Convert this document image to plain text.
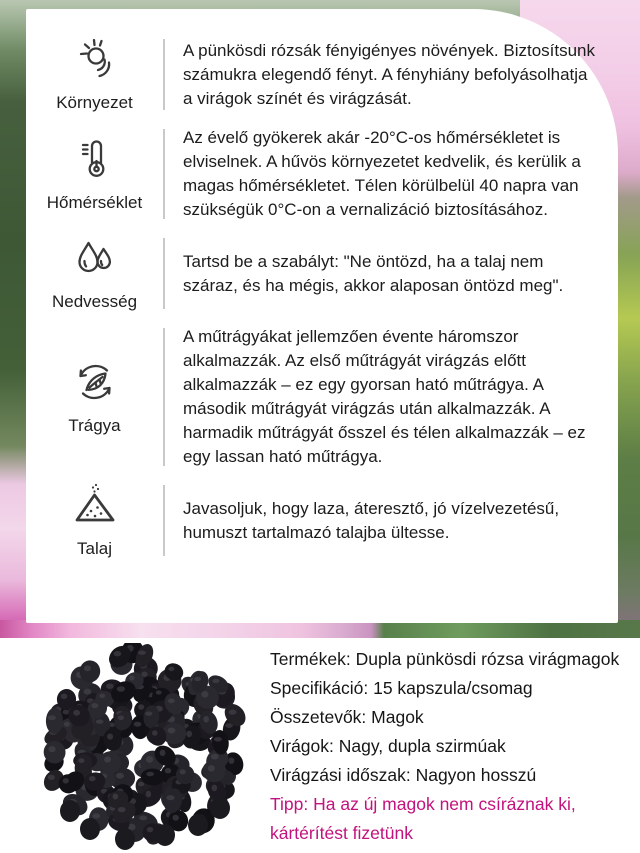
Környezet
A pünkösdi rózsák fényigényes növények. Biztosítsunk számukra elegendő fényt. A fényhiány befolyásolhatja a virágok színét és virágzását.
Hőmérséklet
Az évelő gyökerek akár -20°C-os hőmérsékletet is elviselnek. A hűvös környezetet kedvelik, és kerülik a magas hőmérsékletet. Télen körülbelül 40 napra van szükségük 0°C-on a vernalizáció biztosításához.
Nedvesség
Tartsd be a szabályt: "Ne öntözd, ha a talaj nem száraz, és ha mégis, akkor alaposan öntözd meg".
Trágya
A műtrágyákat jellemzően évente háromszor alkalmazzák. Az első műtrágyát virágzás előtt alkalmazzák – ez egy gyorsan ható műtrágya. A második műtrágyát virágzás után alkalmazzák. A harmadik műtrágyát ősszel és télen alkalmazzák – ez egy lassan ható műtrágya.
Talaj
Javasoljuk, hogy laza, áteresztő, jó vízelvezetésű, humuszt tartalmazó talajba ültesse.

Termékek: Dupla pünkösdi rózsa virágmagok

Specifikáció: 15 kapszula/csomag

Összetevők: Magok

Virágok: Nagy, dupla szirmúak

Virágzási időszak: Nagyon hosszú

Tipp: Ha az új magok nem csíráznak ki, kártérítést fizetünk
